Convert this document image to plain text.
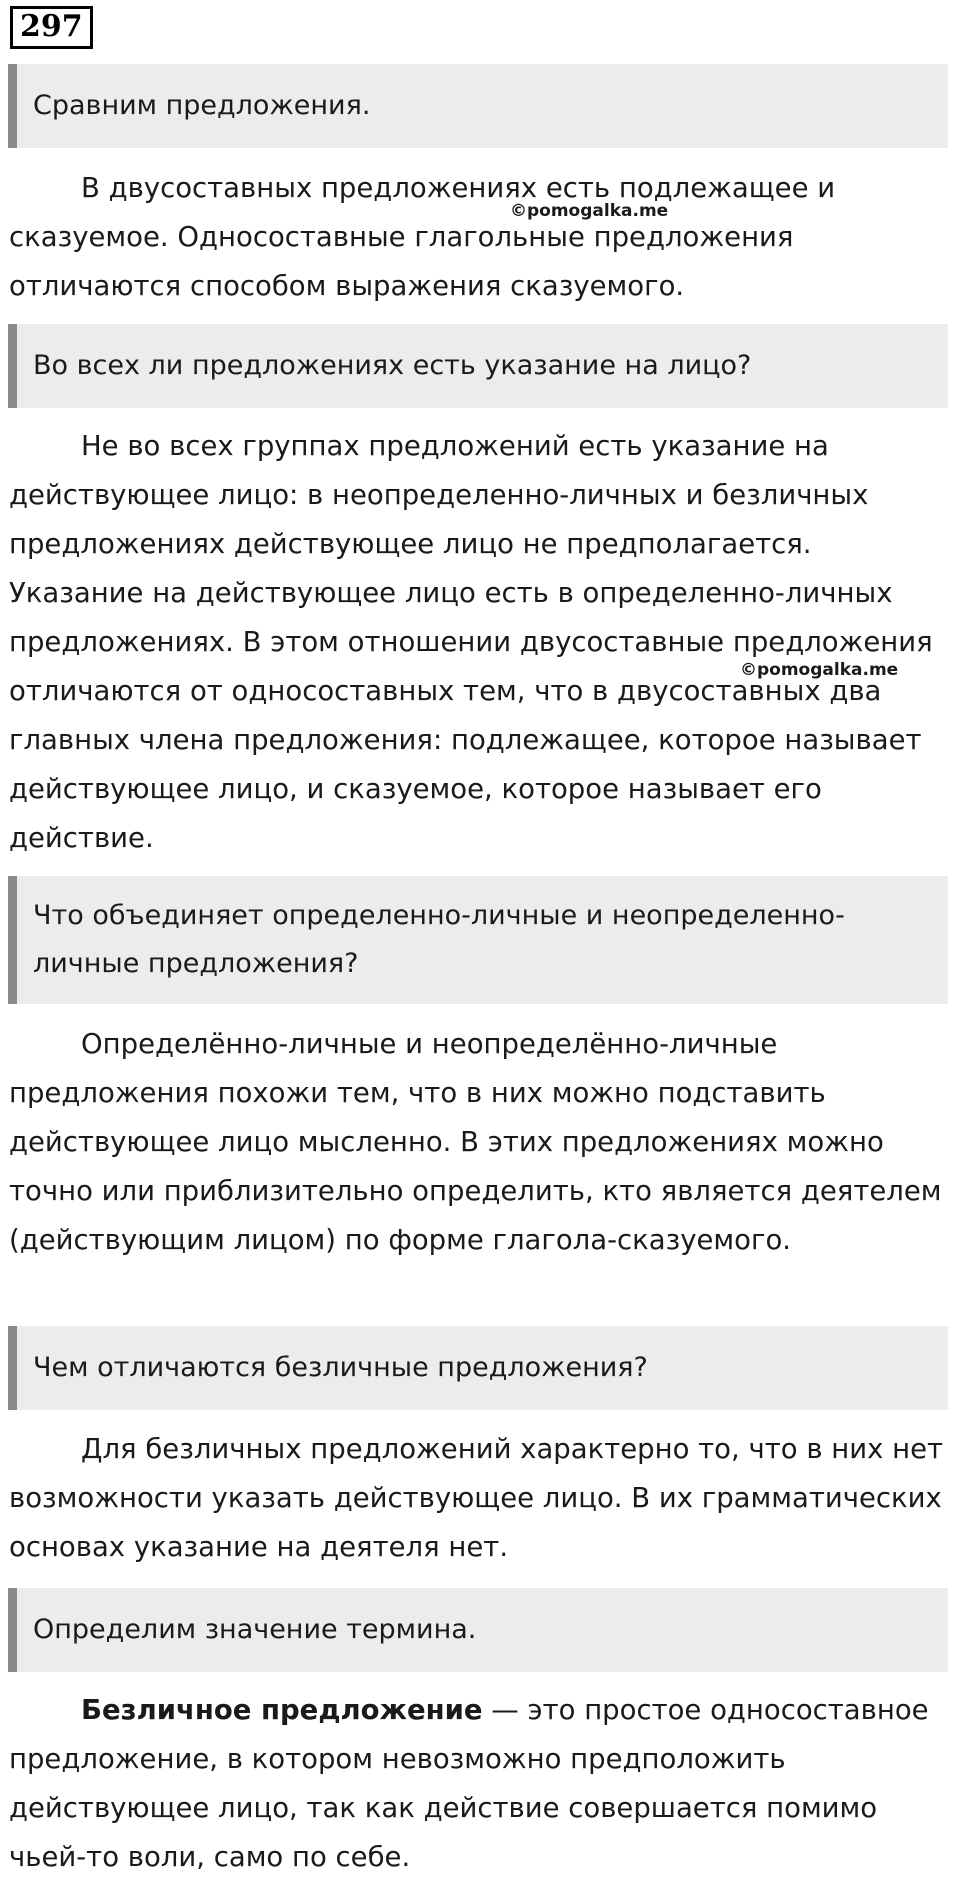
297
Сравним предложения.

В двусоставных предложениях есть подлежащее и сказуемое. Односоставные глагольные предложения отличаются способом выражения сказуемого.

©pomogalka.me
Во всех ли предложениях есть указание на лицо?

Не во всех группах предложений есть указание на действующее лицо: в неопределенно-личных и безличных предложениях действующее лицо не предполагается. Указание на действующее лицо есть в определенно-личных предложениях. В этом отношении двусоставные предложения отличаются от односоставных тем, что в двусоставных два главных члена предложения: подлежащее, которое называет действующее лицо, и сказуемое, которое называет его действие.

©pomogalka.me
Что объединяет определенно-личные и неопределенно-личные предложения?

Определённо-личные и неопределённо-личные предложения похожи тем, что в них можно подставить действующее лицо мысленно. В этих предложениях можно точно или приблизительно определить, кто является деятелем (действующим лицом) по форме глагола-сказуемого.

Чем отличаются безличные предложения?

Для безличных предложений характерно то, что в них нет возможности указать действующее лицо. В их грамматических основах указание на деятеля нет.

Определим значение термина.

Безличное предложение — это простое односоставное предложение, в котором невозможно предположить действующее лицо, так как действие совершается помимо чьей-то воли, само по себе.
